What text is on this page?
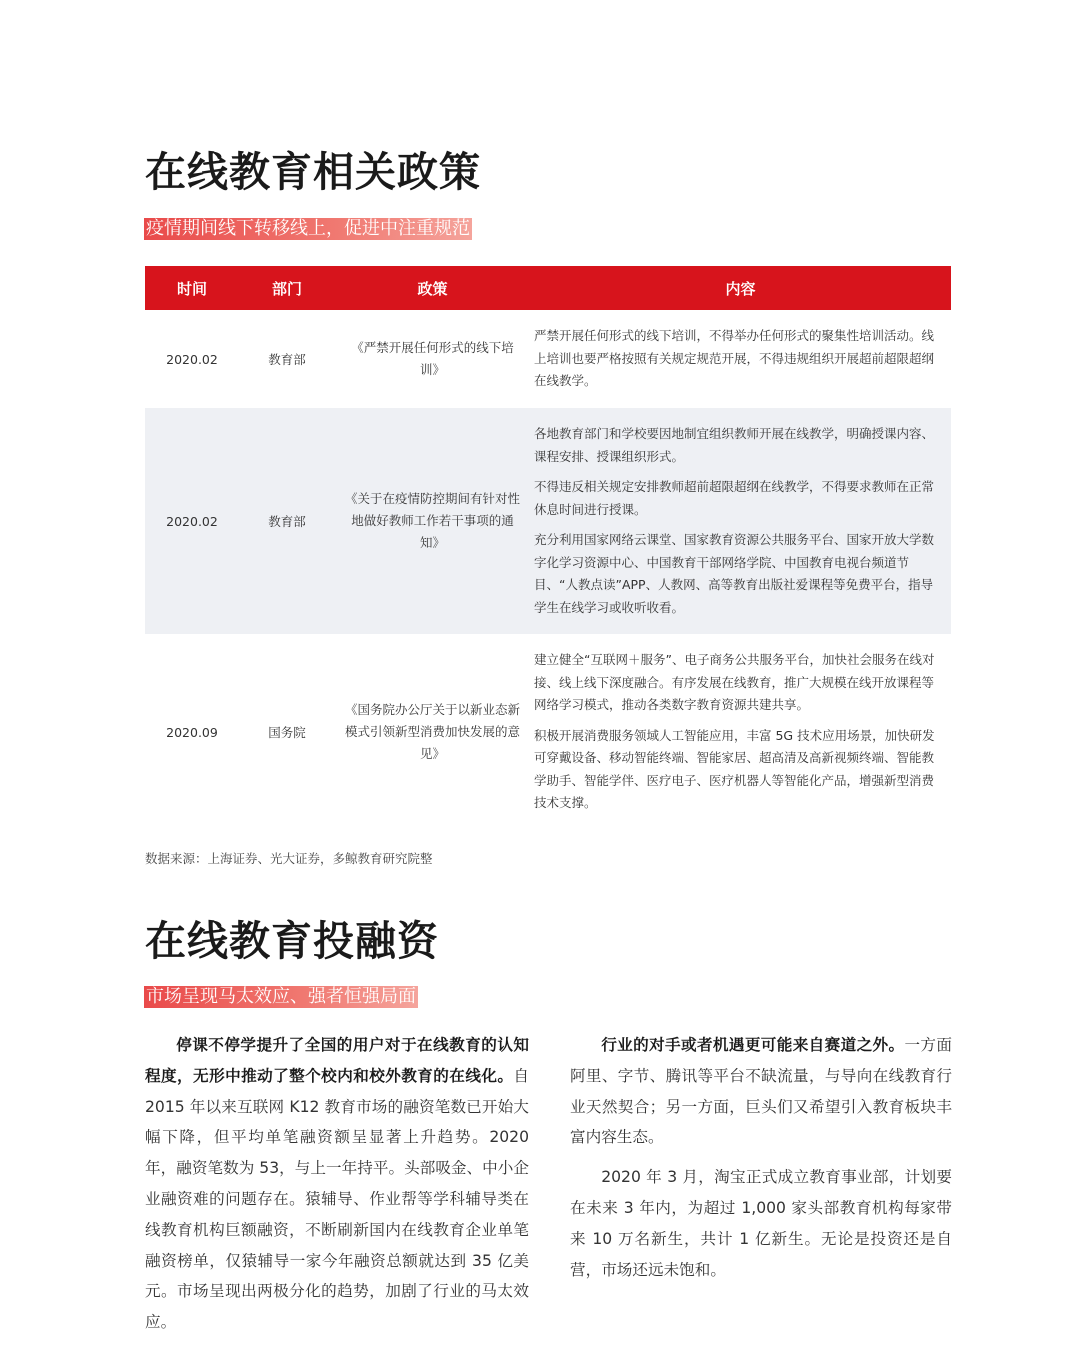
在线教育相关政策
疫情期间线下转移线上，促进中注重规范
时间	部门	政策	内容
2020.02	教育部	《严禁开展任何形式的线下培训》	严禁开展任何形式的线下培训，不得举办任何形式的聚集性培训活动。线上培训也要严格按照有关规定规范开展，不得违规组织开展超前超限超纲在线教学。

2020.02	教育部	《关于在疫情防控期间有针对性地做好教师工作若干事项的通知》	各地教育部门和学校要因地制宜组织教师开展在线教学，明确授课内容、课程安排、授课组织形式。

不得违反相关规定安排教师超前超限超纲在线教学，不得要求教师在正常休息时间进行授课。

充分利用国家网络云课堂、国家教育资源公共服务平台、国家开放大学数字化学习资源中心、中国教育干部网络学院、中国教育电视台频道节目、“人教点读”APP、人教网、高等教育出版社爱课程等免费平台，指导学生在线学习或收听收看。

2020.09	国务院	《国务院办公厅关于以新业态新模式引领新型消费加快发展的意见》	建立健全“互联网＋服务”、电子商务公共服务平台，加快社会服务在线对接、线上线下深度融合。有序发展在线教育，推广大规模在线开放课程等网络学习模式，推动各类数字教育资源共建共享。

积极开展消费服务领域人工智能应用，丰富 5G 技术应用场景，加快研发可穿戴设备、移动智能终端、智能家居、超高清及高新视频终端、智能教学助手、智能学伴、医疗电子、医疗机器人等智能化产品，增强新型消费技术支撑。

数据来源：上海证券、光大证券，多鲸教育研究院整
在线教育投融资
市场呈现马太效应、强者恒强局面

停课不停学提升了全国的用户对于在线教育的认知程度，无形中推动了整个校内和校外教育的在线化。自 2015 年以来互联网 K12 教育市场的融资笔数已开始大幅下降，但平均单笔融资额呈显著上升趋势。2020 年，融资笔数为 53，与上一年持平。头部吸金、中小企业融资难的问题存在。猿辅导、作业帮等学科辅导类在线教育机构巨额融资，不断刷新国内在线教育企业单笔融资榜单，仅猿辅导一家今年融资总额就达到 35 亿美元。市场呈现出两极分化的趋势，加剧了行业的马太效应。

行业的对手或者机遇更可能来自赛道之外。一方面阿里、字节、腾讯等平台不缺流量，与导向在线教育行业天然契合；另一方面，巨头们又希望引入教育板块丰富内容生态。

2020 年 3 月，淘宝正式成立教育事业部，计划要在未来 3 年内，为超过 1,000 家头部教育机构每家带来 10 万名新生，共计 1 亿新生。无论是投资还是自营，市场还远未饱和。
